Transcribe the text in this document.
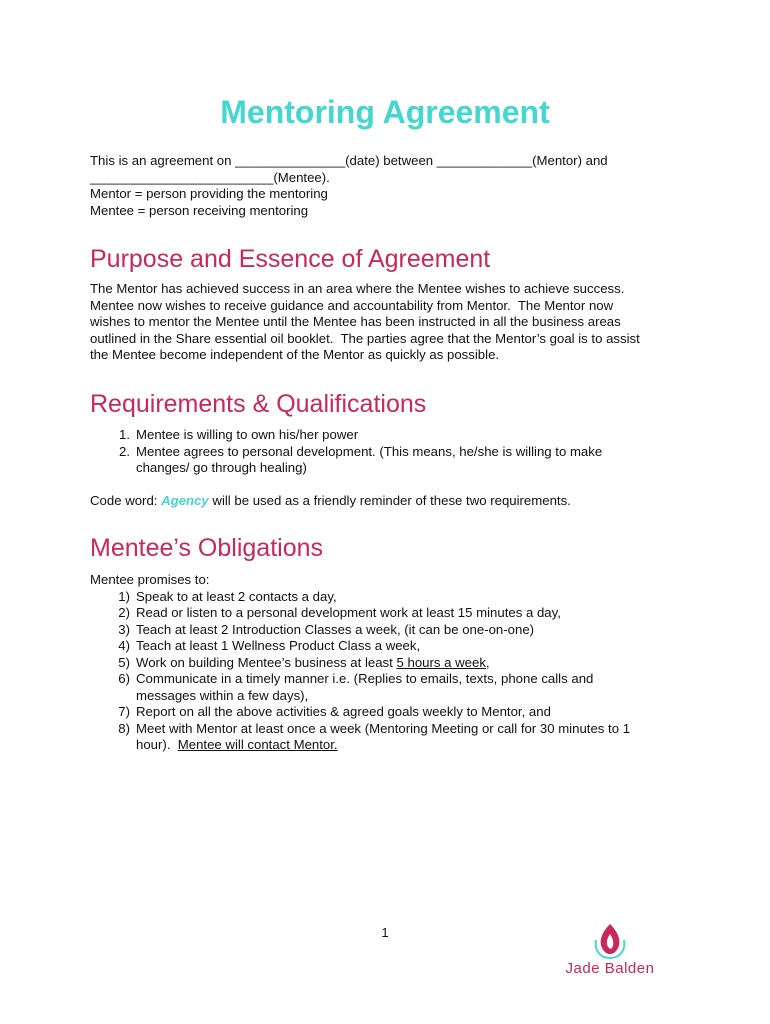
Mentoring Agreement
This is an agreement on _______________(date) between _____________(Mentor) and
_________________________(Mentee).
Mentor = person providing the mentoring
Mentee = person receiving mentoring
Purpose and Essence of Agreement
The Mentor has achieved success in an area where the Mentee wishes to achieve success.
Mentee now wishes to receive guidance and accountability from Mentor.  The Mentor now
wishes to mentor the Mentee until the Mentee has been instructed in all the business areas
outlined in the Share essential oil booklet.  The parties agree that the Mentor’s goal is to assist
the Mentee become independent of the Mentor as quickly as possible.
Requirements & Qualifications
1. Mentee is willing to own his/her power
2. Mentee agrees to personal development. (This means, he/she is willing to make
changes/ go through healing)
Code word: Agency will be used as a friendly reminder of these two requirements.
Mentee’s Obligations
Mentee promises to:
1) Speak to at least 2 contacts a day,
2) Read or listen to a personal development work at least 15 minutes a day,
3) Teach at least 2 Introduction Classes a week, (it can be one-on-one)
4) Teach at least 1 Wellness Product Class a week,
5) Work on building Mentee’s business at least 5 hours a week,
6) Communicate in a timely manner i.e. (Replies to emails, texts, phone calls and
messages within a few days),
7) Report on all the above activities & agreed goals weekly to Mentor, and
8) Meet with Mentor at least once a week (Mentoring Meeting or call for 30 minutes to 1
hour).  Mentee will contact Mentor.
1
Jade Balden
